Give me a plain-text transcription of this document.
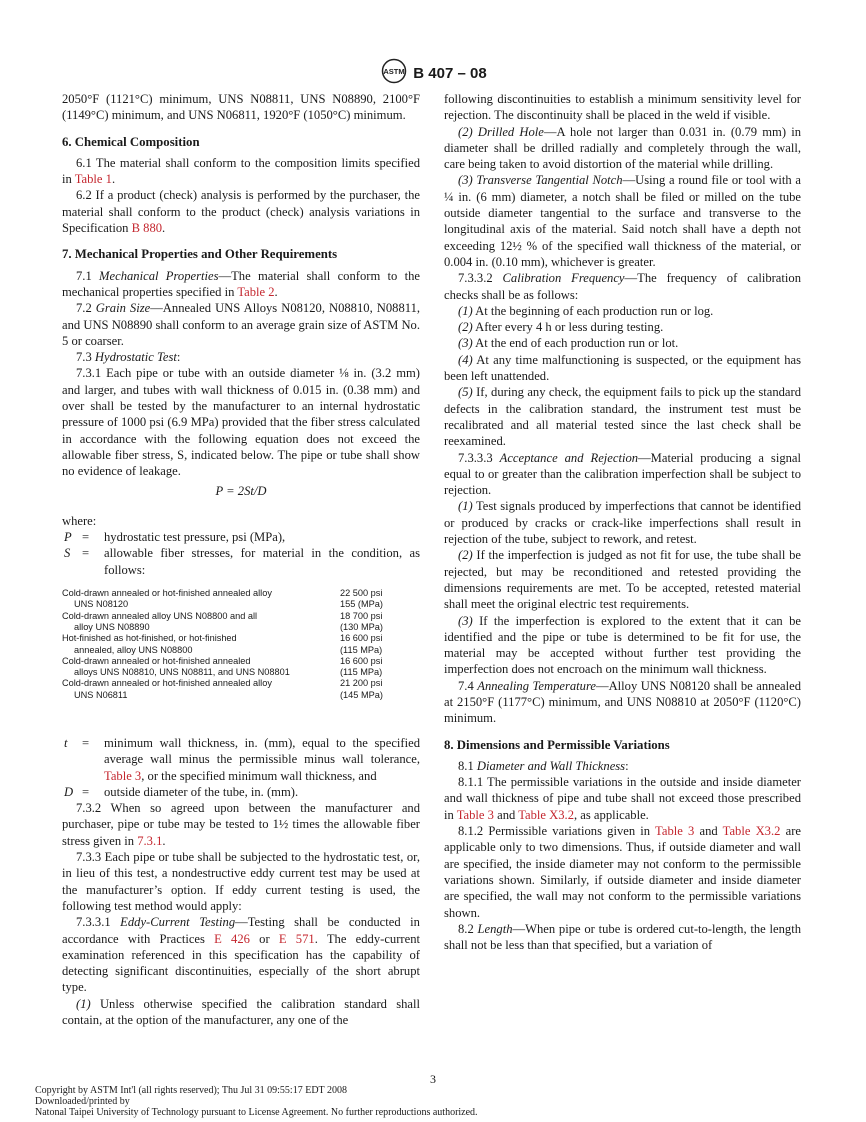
ASTM B 407 – 08

2050°F (1121°C) minimum, UNS N08811, UNS N08890, 2100°F (1149°C) minimum, and UNS N06811, 1920°F (1050°C) minimum.

6. Chemical Composition

6.1 The material shall conform to the composition limits specified in Table 1.

6.2 If a product (check) analysis is performed by the purchaser, the material shall conform to the product (check) analysis variations in Specification B 880.

7. Mechanical Properties and Other Requirements

7.1 Mechanical Properties—The material shall conform to the mechanical properties specified in Table 2.

7.2 Grain Size—Annealed UNS Alloys N08120, N08810, N08811, and UNS N08890 shall conform to an average grain size of ASTM No. 5 or coarser.

7.3 Hydrostatic Test:

7.3.1 Each pipe or tube with an outside diameter ⅛ in. (3.2 mm) and larger, and tubes with wall thickness of 0.015 in. (0.38 mm) and over shall be tested by the manufacturer to an internal hydrostatic pressure of 1000 psi (6.9 MPa) provided that the fiber stress calculated in accordance with the following equation does not exceed the allowable fiber stress, S, indicated below. The pipe or tube shall show no evidence of leakage.

P = 2St/D

where:

P = hydrostatic test pressure, psi (MPa),
S = allowable fiber stresses, for material in the condition, as follows:
Cold-drawn annealed or hot-finished annealed alloy	22 500 psi
UNS N08120	155 (MPa)
Cold-drawn annealed alloy UNS N08800 and all	18 700 psi
alloy UNS N08890	(130 MPa)
Hot-finished as hot-finished, or hot-finished	16 600 psi
annealed, alloy UNS N08800	(115 MPa)
Cold-drawn annealed or hot-finished annealed	16 600 psi
alloys UNS N08810, UNS N08811, and UNS N08801	(115 MPa)
Cold-drawn annealed or hot-finished annealed alloy	21 200 psi
UNS N06811	(145 MPa)
t	= minimum wall thickness, in. (mm), equal to the specified average wall minus the permissible minus wall tolerance, Table 3, or the specified minimum wall thickness, and
D = outside diameter of the tube, in. (mm).

7.3.2 When so agreed upon between the manufacturer and purchaser, pipe or tube may be tested to 1½ times the allowable fiber stress given in 7.3.1.

7.3.3 Each pipe or tube shall be subjected to the hydrostatic test, or, in lieu of this test, a nondestructive eddy current test may be used at the manufacturer’s option. If eddy current testing is used, the following test method would apply:

7.3.3.1 Eddy-Current Testing—Testing shall be conducted in accordance with Practices E 426 or E 571. The eddy-current examination referenced in this specification has the capability of detecting significant discontinuities, especially of the short abrupt type.

(1) Unless otherwise specified the calibration standard shall contain, at the option of the manufacturer, any one of the

following discontinuities to establish a minimum sensitivity level for rejection. The discontinuity shall be placed in the weld if visible.

(2) Drilled Hole—A hole not larger than 0.031 in. (0.79 mm) in diameter shall be drilled radially and completely through the wall, care being taken to avoid distortion of the material while drilling.

(3) Transverse Tangential Notch—Using a round file or tool with a ¼ in. (6 mm) diameter, a notch shall be filed or milled on the tube outside diameter tangential to the surface and transverse to the longitudinal axis of the material. Said notch shall have a depth not exceeding 12½ % of the specified wall thickness of the material, or 0.004 in. (0.10 mm), whichever is greater.

7.3.3.2 Calibration Frequency—The frequency of calibration checks shall be as follows:

(1) At the beginning of each production run or log.

(2) After every 4 h or less during testing.

(3) At the end of each production run or lot.

(4) At any time malfunctioning is suspected, or the equipment has been left unattended.

(5) If, during any check, the equipment fails to pick up the standard defects in the calibration standard, the instrument test must be recalibrated and all material tested since the last check shall be reexamined.

7.3.3.3 Acceptance and Rejection—Material producing a signal equal to or greater than the calibration imperfection shall be subject to rejection.

(1) Test signals produced by imperfections that cannot be identified or produced by cracks or crack-like imperfections shall result in rejection of the tube, subject to rework, and retest.

(2) If the imperfection is judged as not fit for use, the tube shall be rejected, but may be reconditioned and retested providing the dimensions requirements are met. To be accepted, retested material shall meet the original electric test requirements.

(3) If the imperfection is explored to the extent that it can be identified and the pipe or tube is determined to be fit for use, the material may be accepted without further test providing the imperfection does not encroach on the minimum wall thickness.

7.4 Annealing Temperature—Alloy UNS N08120 shall be annealed at 2150°F (1177°C) minimum, and UNS N08810 at 2050°F (1120°C) minimum.

8. Dimensions and Permissible Variations

8.1 Diameter and Wall Thickness:

8.1.1 The permissible variations in the outside and inside diameter and wall thickness of pipe and tube shall not exceed those prescribed in Table 3 and Table X3.2, as applicable.

8.1.2 Permissible variations given in Table 3 and Table X3.2 are applicable only to two dimensions. Thus, if outside diameter and wall are specified, the inside diameter may not conform to the permissible variations shown. Similarly, if outside diameter and inside diameter are specified, the wall may not conform to the permissible variations shown.

8.2 Length—When pipe or tube is ordered cut-to-length, the length shall not be less than that specified, but a variation of

3
Copyright by ASTM Int'l (all rights reserved); Thu Jul 31 09:55:17 EDT 2008
Downloaded/printed by
Natonal Taipei University of Technology pursuant to License Agreement. No further reproductions authorized.
